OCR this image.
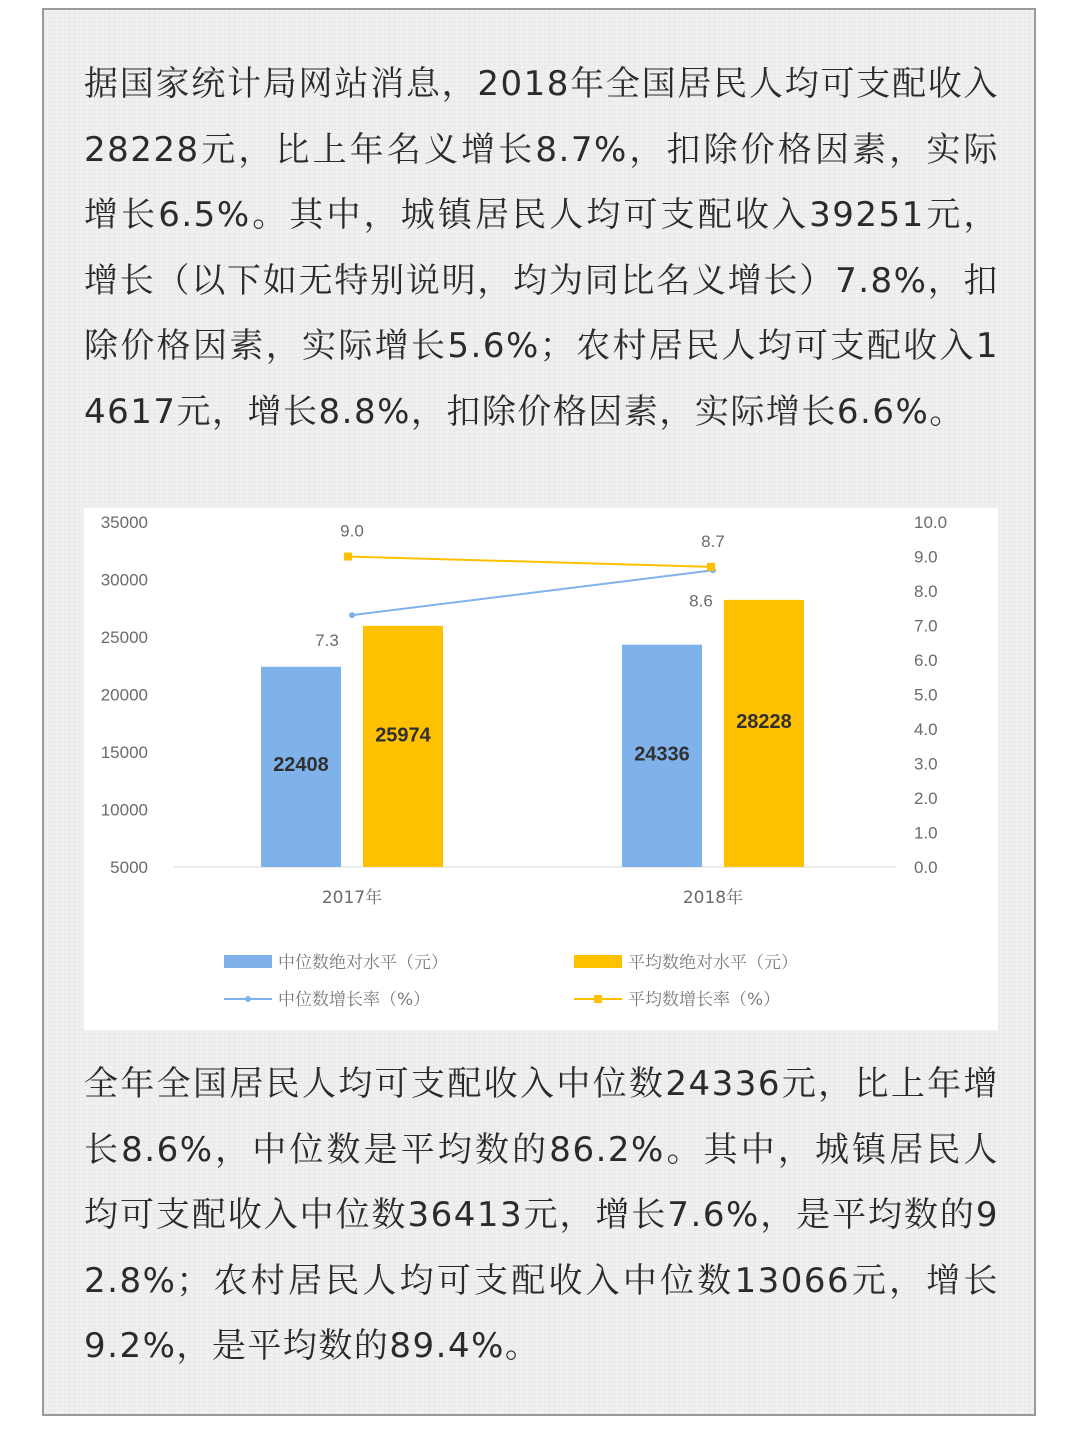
据国家统计局网站消息，2018年全国居民人均可支配收入28228元，比上年名义增长8.7%，扣除价格因素，实际增长6.5%。其中，城镇居民人均可支配收入39251元，增长（以下如无特别说明，均为同比名义增长）7.8%，扣除价格因素，实际增长5.6%；农村居民人均可支配收入14617元，增长8.8%，扣除价格因素，实际增长6.6%。

5000
10000
15000
20000
25000
30000
35000
0.0
1.0
2.0
3.0
4.0
5.0
6.0
7.0
8.0
9.0
10.0
2017年	2018年
22408	24336
25974
28228
7.3
8.6
9.0
8.7
中位数绝对水平（元）	平均数绝对水平（元）
中位数增长率（%）	平均数增长率（%）

全年全国居民人均可支配收入中位数24336元，比上年增长8.6%，中位数是平均数的86.2%。其中，城镇居民人均可支配收入中位数36413元，增长7.6%，是平均数的92.8%；农村居民人均可支配收入中位数13066元，增长9.2%，是平均数的89.4%。
